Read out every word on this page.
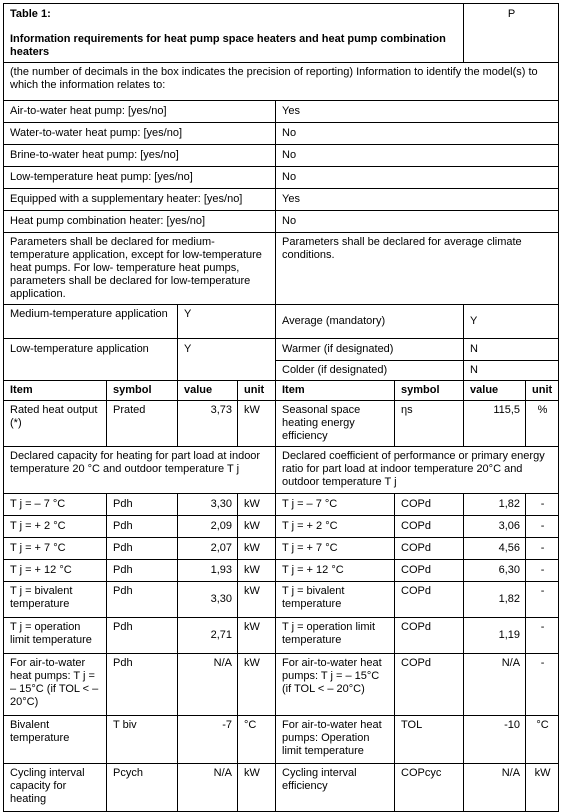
Table 1:
Information requirements for heat pump space heaters and heat pump combination heaters						P	
(the number of decimals in the box indicates the precision of reporting) Information to identify the model(s) to which the information relates to:							
Air-to-water heat pump: [yes/no]				Yes			
Water-to-water heat pump: [yes/no]				No			
Brine-to-water heat pump: [yes/no]				No			
Low-temperature heat pump: [yes/no]				No			
Equipped with a supplementary heater: [yes/no]				Yes			
Heat pump combination heater: [yes/no]				No			
Parameters shall be declared for medium-temperature application, except for low-temperature heat pumps. For low- temperature heat pumps, parameters shall be declared for low-temperature application.				Parameters shall be declared for average climate conditions.			
Medium-temperature application		Y		Average (mandatory)		Y	
Low-temperature application		Y		Warmer (if designated)		N	
				Colder (if designated)		N	
Item	symbol	value	unit	Item	symbol	value	unit
Rated heat output (*)	Prated	3,73	kW	Seasonal space heating energy efficiency	ηs	115,5	%
Declared capacity for heating for part load at indoor temperature 20 °C and outdoor temperature T j				Declared coefficient of performance or primary energy ratio for part load at indoor temperature 20°C and outdoor temperature T j			
T j = – 7 °C	Pdh	3,30	kW	T j = – 7 °C	COPd	1,82	-
T j = + 2 °C	Pdh	2,09	kW	T j = + 2 °C	COPd	3,06	-
T j = + 7 °C	Pdh	2,07	kW	T j = + 7 °C	COPd	4,56	-
T j = + 12 °C	Pdh	1,93	kW	T j = + 12 °C	COPd	6,30	-
T j = bivalent temperature	Pdh	3,30	kW	T j = bivalent temperature	COPd	1,82	-
T j = operation limit temperature	Pdh	2,71	kW	T j = operation limit temperature	COPd	1,19	-
For air-to-water heat pumps: T j = – 15°C (if TOL < – 20°C)	Pdh	N/A	kW	For air-to-water heat pumps: T j = – 15°C (if TOL < – 20°C)	COPd	N/A	-
Bivalent temperature	T biv	-7	°C	For air-to-water heat pumps: Operation limit temperature	TOL	-10	°C
Cycling interval capacity for heating	Pcych	N/A	kW	Cycling interval efficiency	COPcyc	N/A	kW
